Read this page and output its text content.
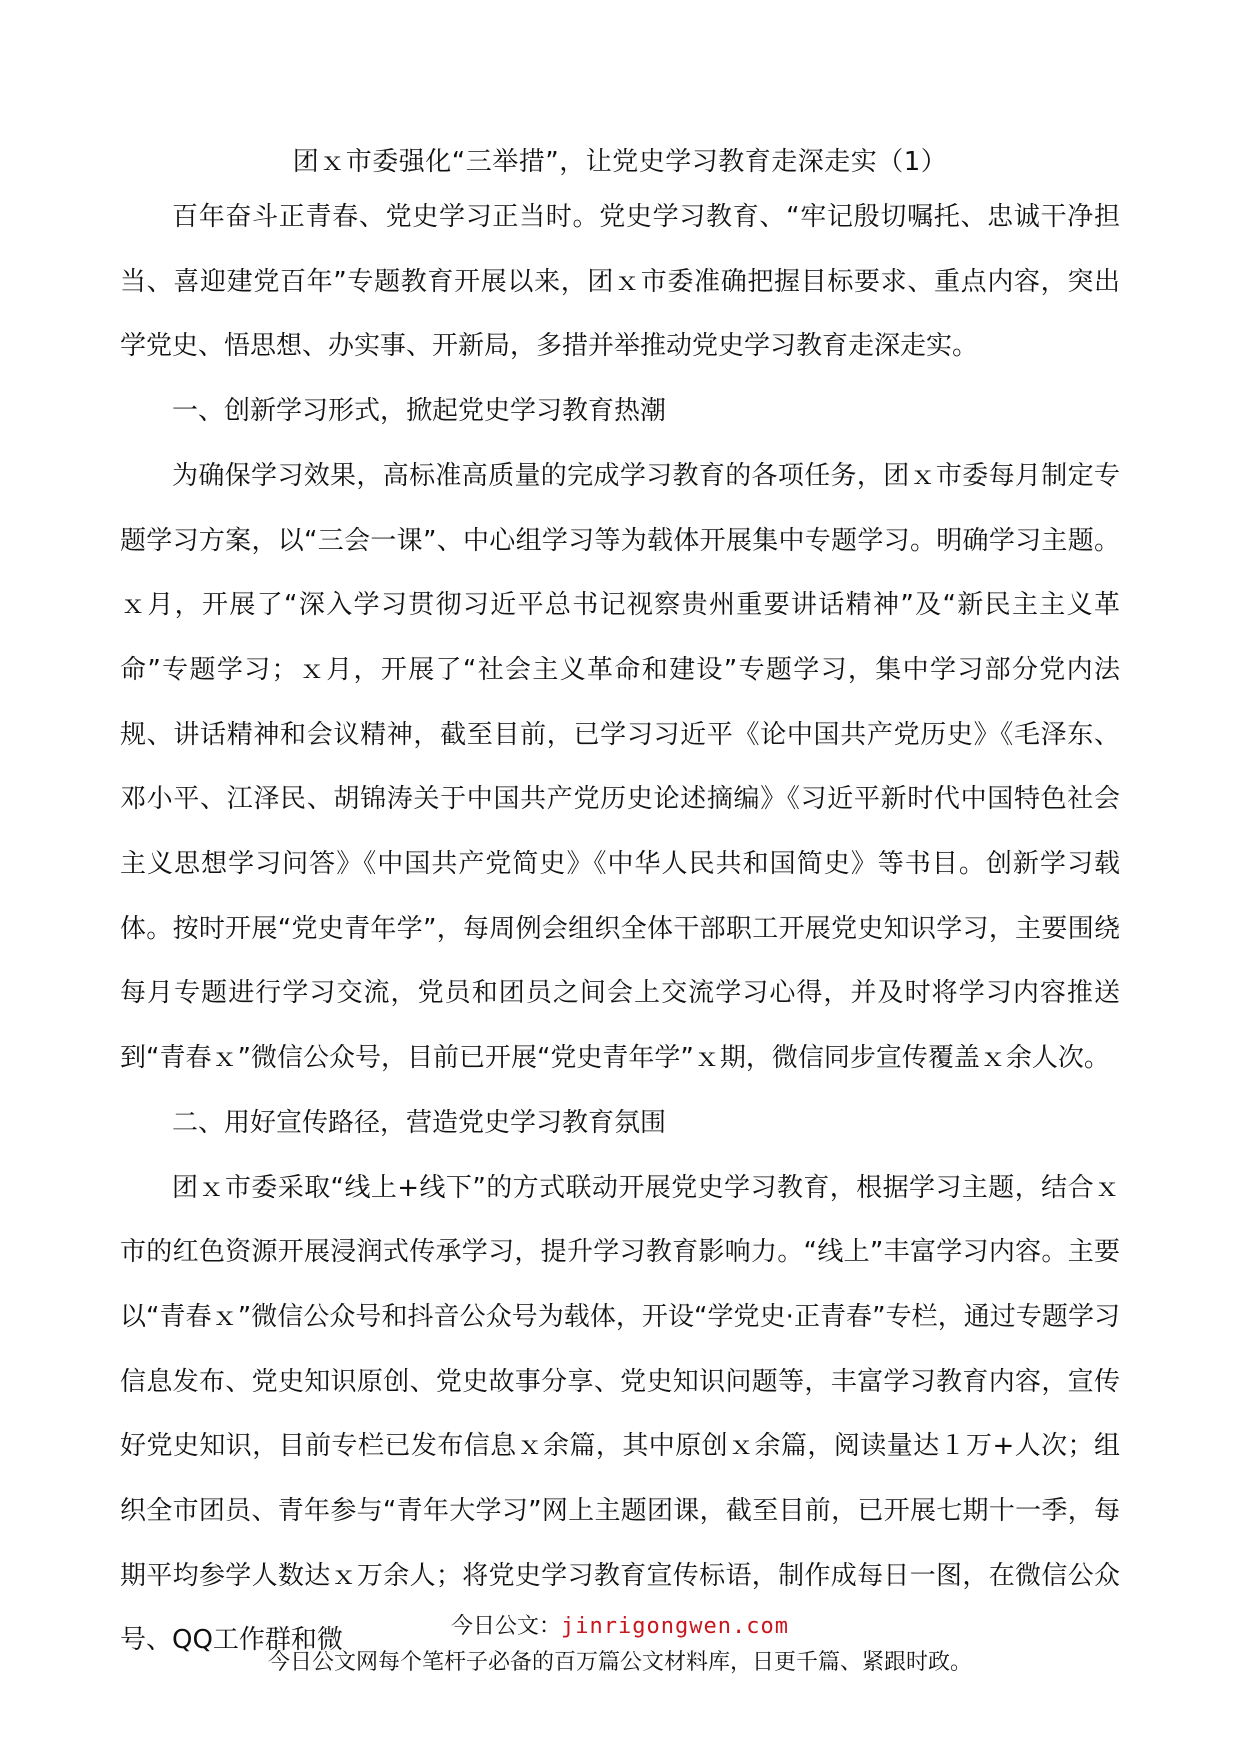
团ｘ市委强化“三举措”，让党史学习教育走深走实（1）

百年奋斗正青春、党史学习正当时。党史学习教育、“牢记殷切嘱托、忠诚干净担当、喜迎建党百年”专题教育开展以来，团ｘ市委准确把握目标要求、重点内容，突出学党史、悟思想、办实事、开新局，多措并举推动党史学习教育走深走实。

一、创新学习形式，掀起党史学习教育热潮

为确保学习效果，高标准高质量的完成学习教育的各项任务，团ｘ市委每月制定专题学习方案，以“三会一课”、中心组学习等为载体开展集中专题学习。明确学习主题。ｘ月，开展了“深入学习贯彻习近平总书记视察贵州重要讲话精神”及“新民主主义革命”专题学习；ｘ月，开展了“社会主义革命和建设”专题学习，集中学习部分党内法规、讲话精神和会议精神，截至目前，已学习习近平《论中国共产党历史》《毛泽东、邓小平、江泽民、胡锦涛关于中国共产党历史论述摘编》《习近平新时代中国特色社会主义思想学习问答》《中国共产党简史》《中华人民共和国简史》等书目。创新学习载体。按时开展“党史青年学”，每周例会组织全体干部职工开展党史知识学习，主要围绕每月专题进行学习交流，党员和团员之间会上交流学习心得，并及时将学习内容推送到“青春ｘ”微信公众号，目前已开展“党史青年学”ｘ期，微信同步宣传覆盖ｘ余人次。

二、用好宣传路径，营造党史学习教育氛围

团ｘ市委采取“线上+线下”的方式联动开展党史学习教育，根据学习主题，结合ｘ市的红色资源开展浸润式传承学习，提升学习教育影响力。“线上”丰富学习内容。主要以“青春ｘ”微信公众号和抖音公众号为载体，开设“学党史·正青春”专栏，通过专题学习信息发布、党史知识原创、党史故事分享、党史知识问题等，丰富学习教育内容，宣传好党史知识，目前专栏已发布信息ｘ余篇，其中原创ｘ余篇，阅读量达１万+人次；组织全市团员、青年参与“青年大学习”网上主题团课，截至目前，已开展七期十一季，每期平均参学人数达ｘ万余人；将党史学习教育宣传标语，制作成每日一图，在微信公众号、QQ工作群和微	今日公文：jinrigongwen.com
今日公文网每个笔杆子必备的百万篇公文材料库，日更千篇、紧跟时政。
